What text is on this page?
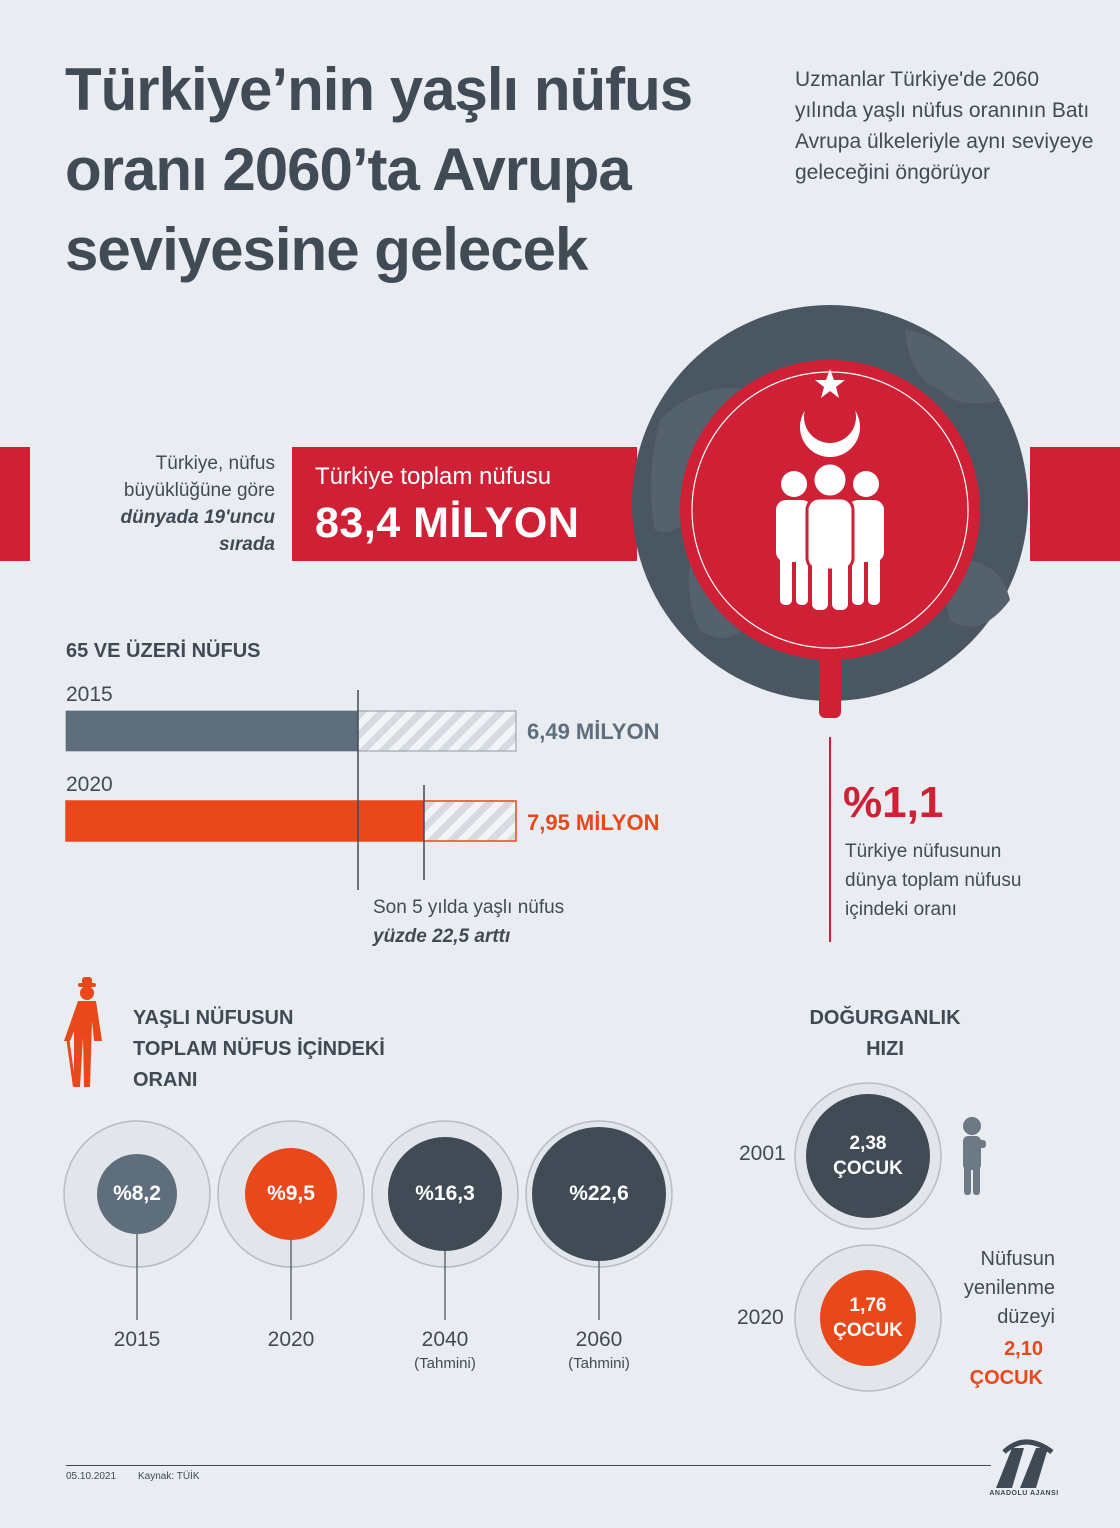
Türkiye’nin yaşlı nüfus oranı 2060’ta Avrupa seviyesine gelecek
Uzmanlar Türkiye'de 2060 yılında yaşlı nüfus oranının Batı Avrupa ülkeleriyle aynı seviyeye geleceğini öngörüyor
Türkiye, nüfus büyüklüğüne göre dünyada 19'uncu sırada
Türkiye toplam nüfusu
83,4 MİLYON
65 VE ÜZERİ NÜFUS
2015
2020
6,49 MİLYON
7,95 MİLYON
Son 5 yılda yaşlı nüfus
yüzde 22,5 arttı
%1,1
Türkiye nüfusunun dünya toplam nüfusu içindeki oranı
YAŞLI NÜFUSUN
TOPLAM NÜFUS İÇİNDEKİ
ORANI
%8,2	%9,5	%16,3	%22,6
2015	2020	2040	2060
(Tahmini)	(Tahmini)
DOĞURGANLIK
HIZI
2001
2020
2,38
ÇOCUK
1,76
ÇOCUK
Nüfusun yenilenme düzeyi
2,10 ÇOCUK
05.10.2021 Kaynak: TÜİK
ANADOLU AJANSI
